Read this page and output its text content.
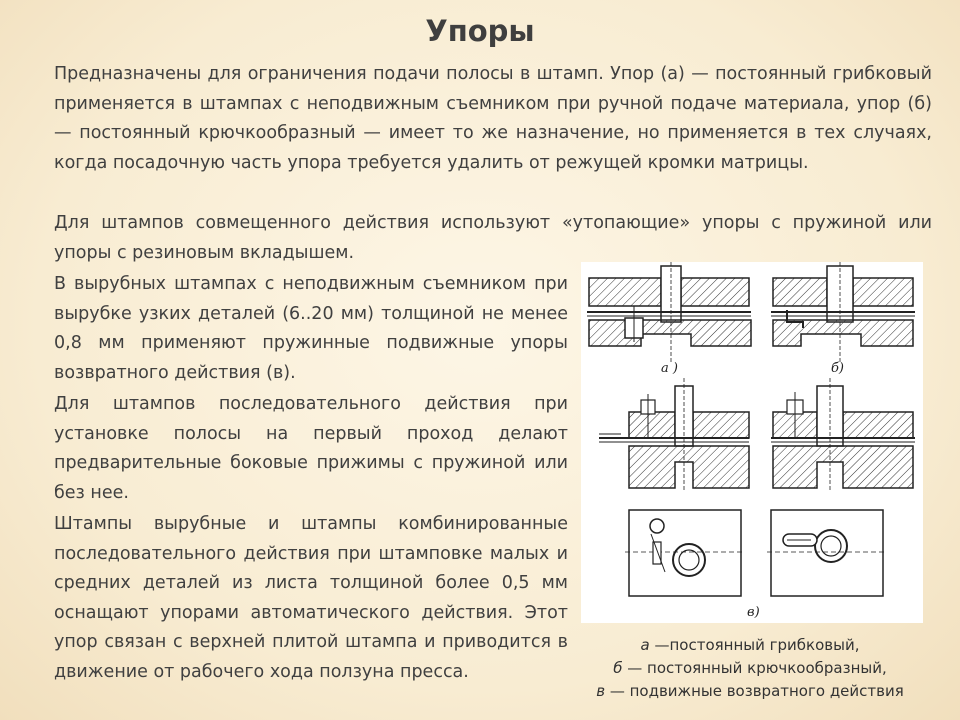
Упоры

Предназначены для ограничения подачи полосы в штамп. Упор (а) — постоянный грибковый применяется в штампах с неподвижным съемником при ручной подаче материала, упор (б) — постоянный крючкообразный — имеет то же назначение, но применяется в тех случаях, когда посадочную часть упора требуется удалить от режущей кромки матрицы.

Для штампов совмещенного действия используют «утопающие» упоры с пружиной или упоры с резиновым вкладышем.

В вырубных штампах с неподвижным съемником при вырубке узких деталей (6..20 мм) толщиной не менее 0,8 мм применяют пружинные подвижные упоры возвратного действия (в).

Для штампов последовательного действия при установке полосы на первый проход делают предварительные боковые прижимы с пружиной или без нее.

Штампы вырубные и штампы комбинированные последовательного действия при штамповке малых и средних деталей из листа толщиной более 0,5 мм оснащают упорами автоматического действия. Этот упор связан с верхней плитой штампа и приводится в движение от рабочего хода ползуна пресса.

а )	б)
в)
а —постоянный грибковый,
б — постоянный крючкообразный,
в — подвижные возвратного действия
